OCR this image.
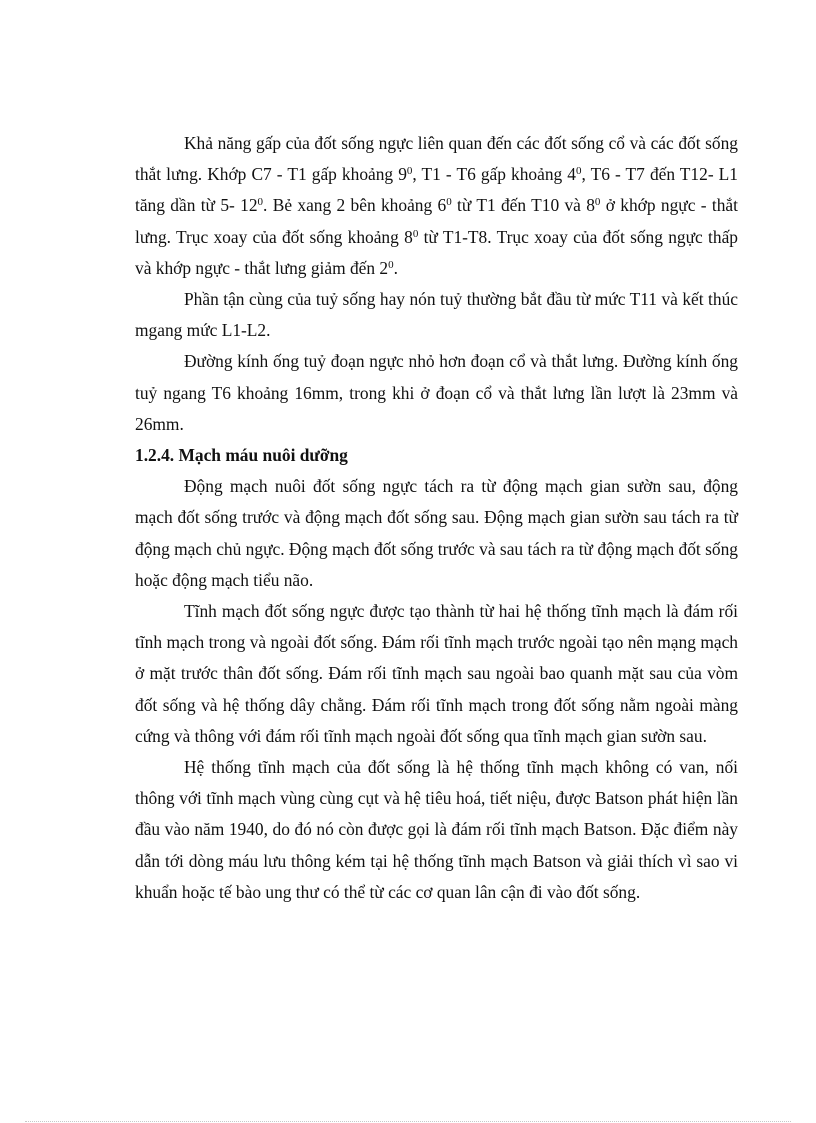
Khả năng gấp của đốt sống ngực liên quan đến các đốt sống cổ và các đốt sống thắt lưng. Khớp C7 - T1 gấp khoảng $9^0$, T1 - T6 gấp khoảng $4^0$, T6 - T7 đến T12- L1 tăng dần từ 5- $12^0$. Bẻ xang 2 bên khoảng $6^0$ từ T1 đến T10 và $8^0$ ở khớp ngực - thắt lưng. Trục xoay của đốt sống khoảng $8^0$ từ T1-T8. Trục xoay của đốt sống ngực thấp và khớp ngực - thắt lưng giảm đến $2^0$.

Phần tận cùng của tuỷ sống hay nón tuỷ thường bắt đầu từ mức T11 và kết thúc mgang mức L1-L2.

Đường kính ống tuỷ đoạn ngực nhỏ hơn đoạn cổ và thắt lưng. Đường kính ống tuỷ ngang T6 khoảng 16mm, trong khi ở đoạn cổ và thắt lưng lần lượt là 23mm và 26mm.

1.2.4. Mạch máu nuôi dưỡng

Động mạch nuôi đốt sống ngực tách ra từ động mạch gian sườn sau, động mạch đốt sống trước và động mạch đốt sống sau. Động mạch gian sườn sau tách ra từ động mạch chủ ngực. Động mạch đốt sống trước và sau tách ra từ động mạch đốt sống hoặc động mạch tiểu não.

Tĩnh mạch đốt sống ngực được tạo thành từ hai hệ thống tĩnh mạch là đám rối tĩnh mạch trong và ngoài đốt sống. Đám rối tĩnh mạch trước ngoài tạo nên mạng mạch ở mặt trước thân đốt sống. Đám rối tĩnh mạch sau ngoài bao quanh mặt sau của vòm đốt sống và hệ thống dây chằng. Đám rối tĩnh mạch trong đốt sống nằm ngoài màng cứng và thông với đám rối tĩnh mạch ngoài đốt sống qua tĩnh mạch gian sườn sau.

Hệ thống tĩnh mạch của đốt sống là hệ thống tĩnh mạch không có van, nối thông với tĩnh mạch vùng cùng cụt và hệ tiêu hoá, tiết niệu, được Batson phát hiện lần đầu vào năm 1940, do đó nó còn được gọi là đám rối tĩnh mạch Batson. Đặc điểm này dẫn tới dòng máu lưu thông kém tại hệ thống tĩnh mạch Batson và giải thích vì sao vi khuẩn hoặc tế bào ung thư có thể từ các cơ quan lân cận đi vào đốt sống.
